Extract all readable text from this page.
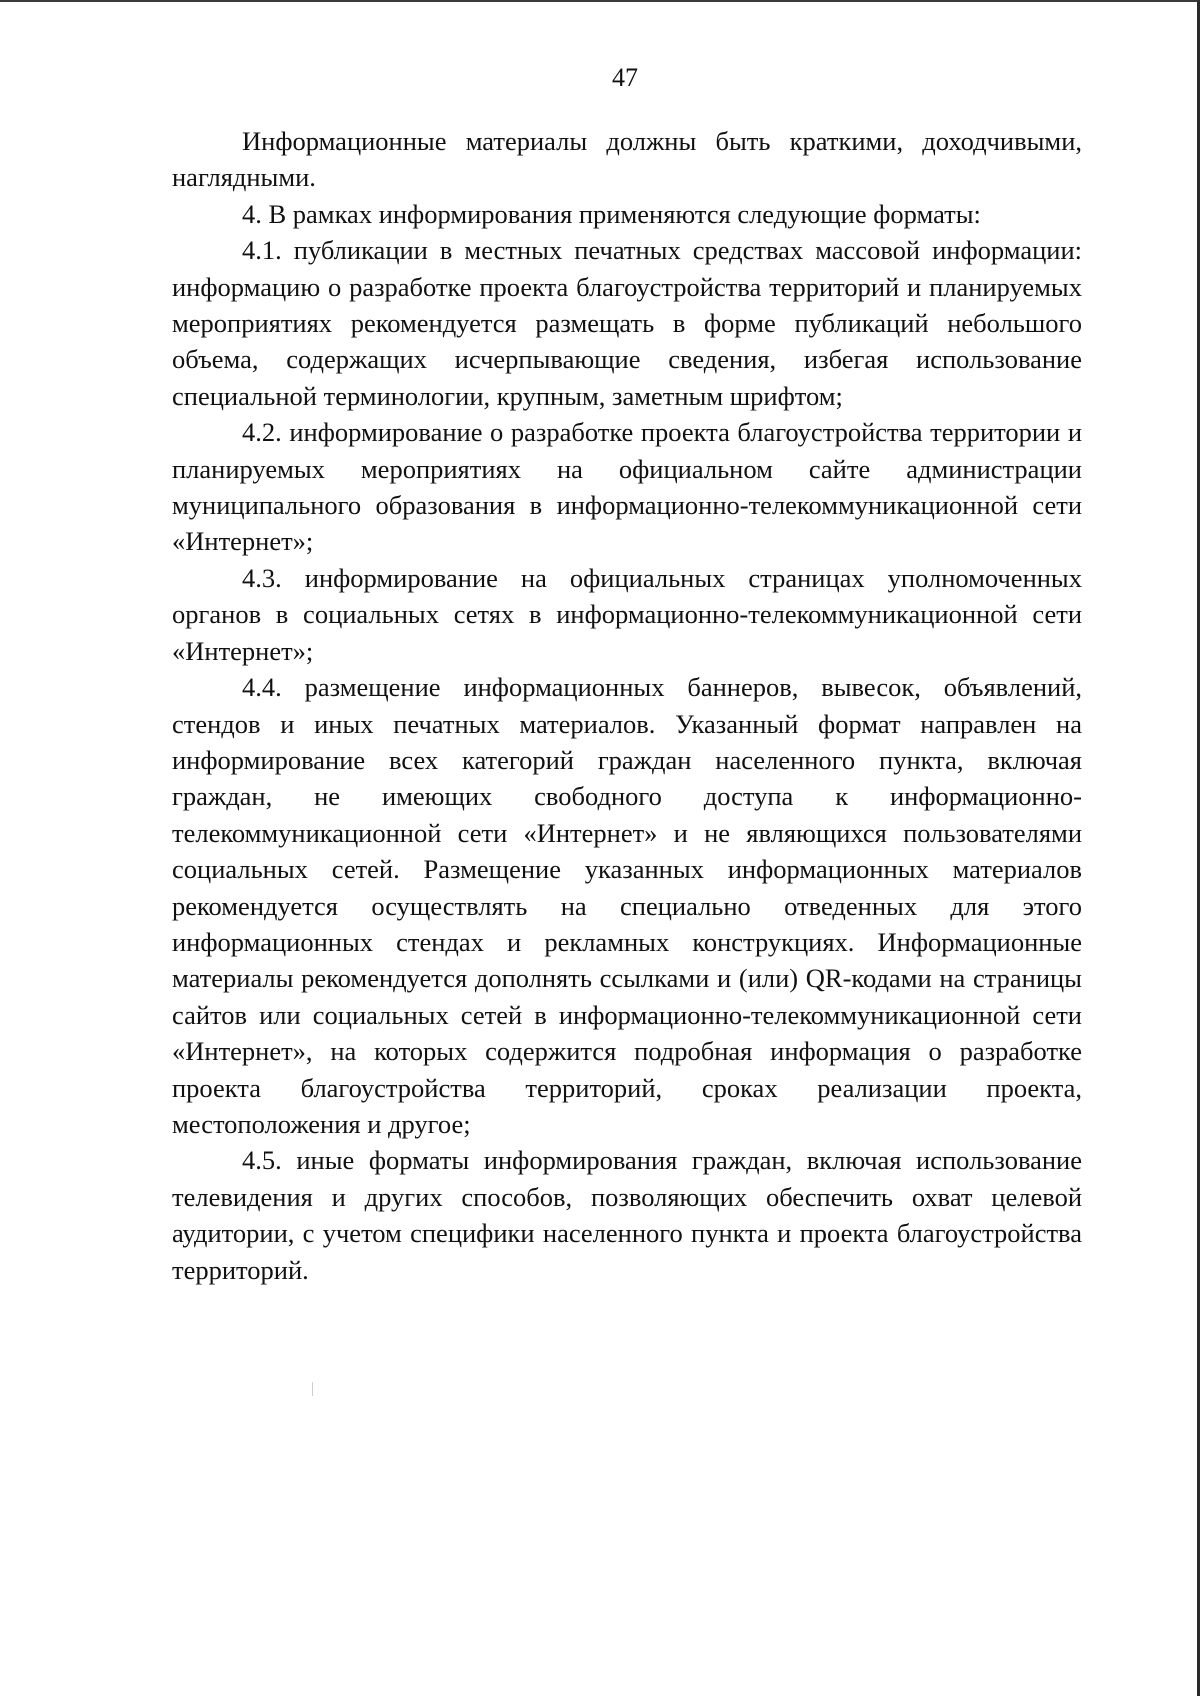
47

Информационные материалы должны быть краткими, доходчивыми, наглядными.

4. В рамках информирования применяются следующие форматы:

4.1. публикации в местных печатных средствах массовой информации: информацию о разработке проекта благоустройства территорий и планируемых мероприятиях рекомендуется размещать в форме публикаций небольшого объема, содержащих исчерпывающие сведения, избегая использование специальной терминологии, крупным, заметным шрифтом;

4.2. информирование о разработке проекта благоустройства территории и планируемых мероприятиях на официальном сайте администрации муниципального образования в информационно-телекоммуникационной сети «Интернет»;

4.3. информирование на официальных страницах уполномоченных органов в социальных сетях в информационно-телекоммуникационной сети «Интернет»;

4.4. размещение информационных баннеров, вывесок, объявлений, стендов и иных печатных материалов. Указанный формат направлен на информирование всех категорий граждан населенного пункта, включая граждан, не имеющих свободного доступа к информационно-телекоммуникационной сети «Интернет» и не являющихся пользователями социальных сетей. Размещение указанных информационных материалов рекомендуется осуществлять на специально отведенных для этого информационных стендах и рекламных конструкциях. Информационные материалы рекомендуется дополнять ссылками и (или) QR-кодами на страницы сайтов или социальных сетей в информационно-телекоммуникационной сети «Интернет», на которых содержится подробная информация о разработке проекта благоустройства территорий, сроках реализации проекта, местоположения и другое;

4.5. иные форматы информирования граждан, включая использование телевидения и других способов, позволяющих обеспечить охват целевой аудитории, с учетом специфики населенного пункта и проекта благоустройства территорий.
